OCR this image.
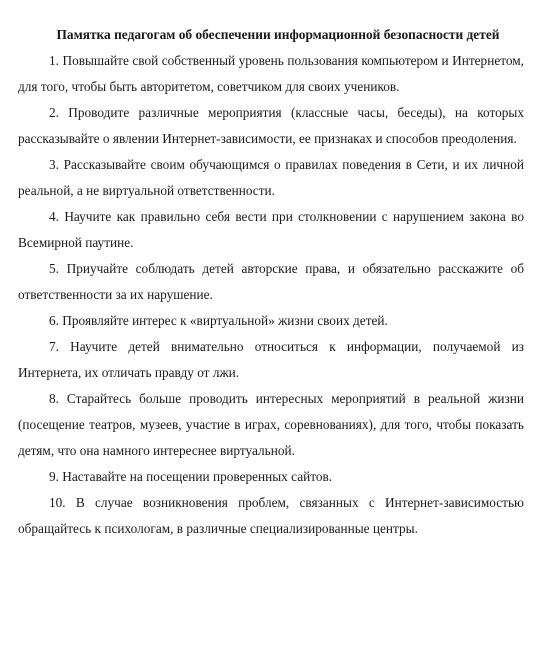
Памятка педагогам об обеспечении информационной безопасности детей

1. Повышайте свой собственный уровень пользования компьютером и Интернетом, для того, чтобы быть авторитетом, советчиком для своих учеников.

2. Проводите различные мероприятия (классные часы, беседы), на которых рассказывайте о явлении Интернет-зависимости, ее признаках и способов преодоления.

3. Рассказывайте своим обучающимся о правилах поведения в Сети, и их личной реальной, а не виртуальной ответственности.

4. Научите как правильно себя вести при столкновении с нарушением закона во Всемирной паутине.

5. Приучайте соблюдать детей авторские права, и обязательно расскажите об ответственности за их нарушение.

6. Проявляйте интерес к «виртуальной» жизни своих детей.

7. Научите детей внимательно относиться к информации, получаемой из Интернета, их отличать правду от лжи.

8. Старайтесь больше проводить интересных мероприятий в реальной жизни (посещение театров, музеев, участие в играх, соревнованиях), для того, чтобы показать детям, что она намного интереснее виртуальной.

9. Наставайте на посещении проверенных сайтов.

10. В случае возникновения проблем, связанных с Интернет-зависимостью обращайтесь к психологам, в различные специализированные центры.
